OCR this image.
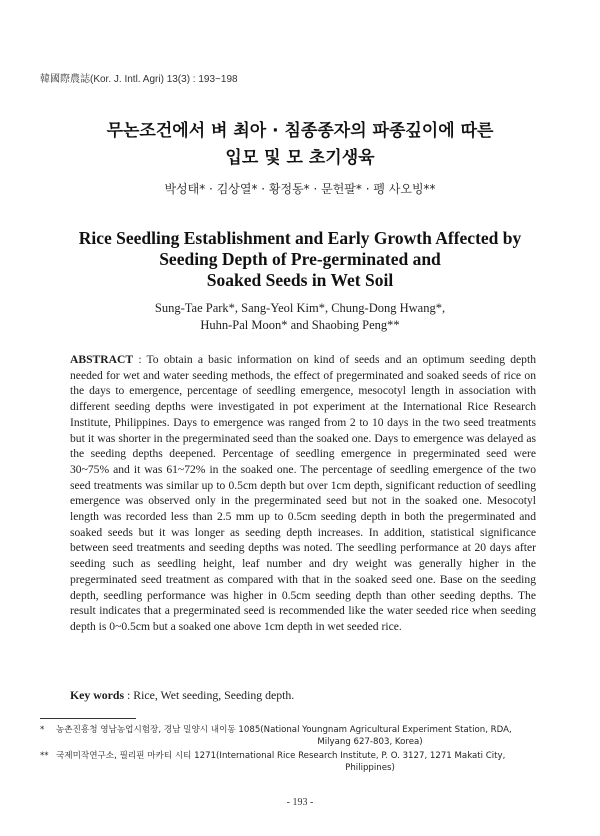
韓國際農誌(Kor. J. Intl. Agri) 13(3) : 193~198
무논조건에서 벼 최아 · 침종종자의 파종깊이에 따른
입모 및 모 초기생육
박성태* · 김상열* · 황정동* · 문헌팔* · 펭 사오빙**
Rice Seedling Establishment and Early Growth Affected by
Seeding Depth of Pre-germinated and
Soaked Seeds in Wet Soil
Sung-Tae Park*, Sang-Yeol Kim*, Chung-Dong Hwang*,
Huhn-Pal Moon* and Shaobing Peng**
ABSTRACT : To obtain a basic information on kind of seeds and an optimum seeding depth needed for wet and water seeding methods, the effect of pregerminated and soaked seeds of rice on the days to emergence, percentage of seedling emergence, mesocotyl length in association with different seeding depths were investigated in pot experiment at the International Rice Research Institute, Philippines. Days to emergence was ranged from 2 to 10 days in the two seed treatments but it was shorter in the pregerminated seed than the soaked one. Days to emergence was delayed as the seeding depths deepened. Percentage of seedling emergence in pregerminated seed were 30~75% and it was 61~72% in the soaked one. The percentage of seedling emergence of the two seed treatments was similar up to 0.5cm depth but over 1cm depth, significant reduction of seedling emergence was observed only in the pregerminated seed but not in the soaked one. Mesocotyl length was recorded less than 2.5 mm up to 0.5cm seeding depth in both the pregerminated and soaked seeds but it was longer as seeding depth increases. In addition, statistical significance between seed treatments and seeding depths was noted. The seedling performance at 20 days after seeding such as seedling height, leaf number and dry weight was generally higher in the pregerminated seed treatment as compared with that in the soaked seed one. Base on the seeding depth, seedling performance was higher in 0.5cm seeding depth than other seeding depths. The result indicates that a pregerminated seed is recommended like the water seeded rice when seeding depth is 0~0.5cm but a soaked one above 1cm depth in wet seeded rice.
Key words : Rice, Wet seeding, Seeding depth.
* 농촌진흥청 영남농업시험장, 경남 밀양시 내이동 1085(National Youngnam Agricultural Experiment Station, RDA,
Milyang 627-803, Korea)
** 국제미작연구소, 필리핀 마카티 시티 1271(International Rice Research Institute, P. O. 3127, 1271 Makati City,
Philippines)
- 193 -
